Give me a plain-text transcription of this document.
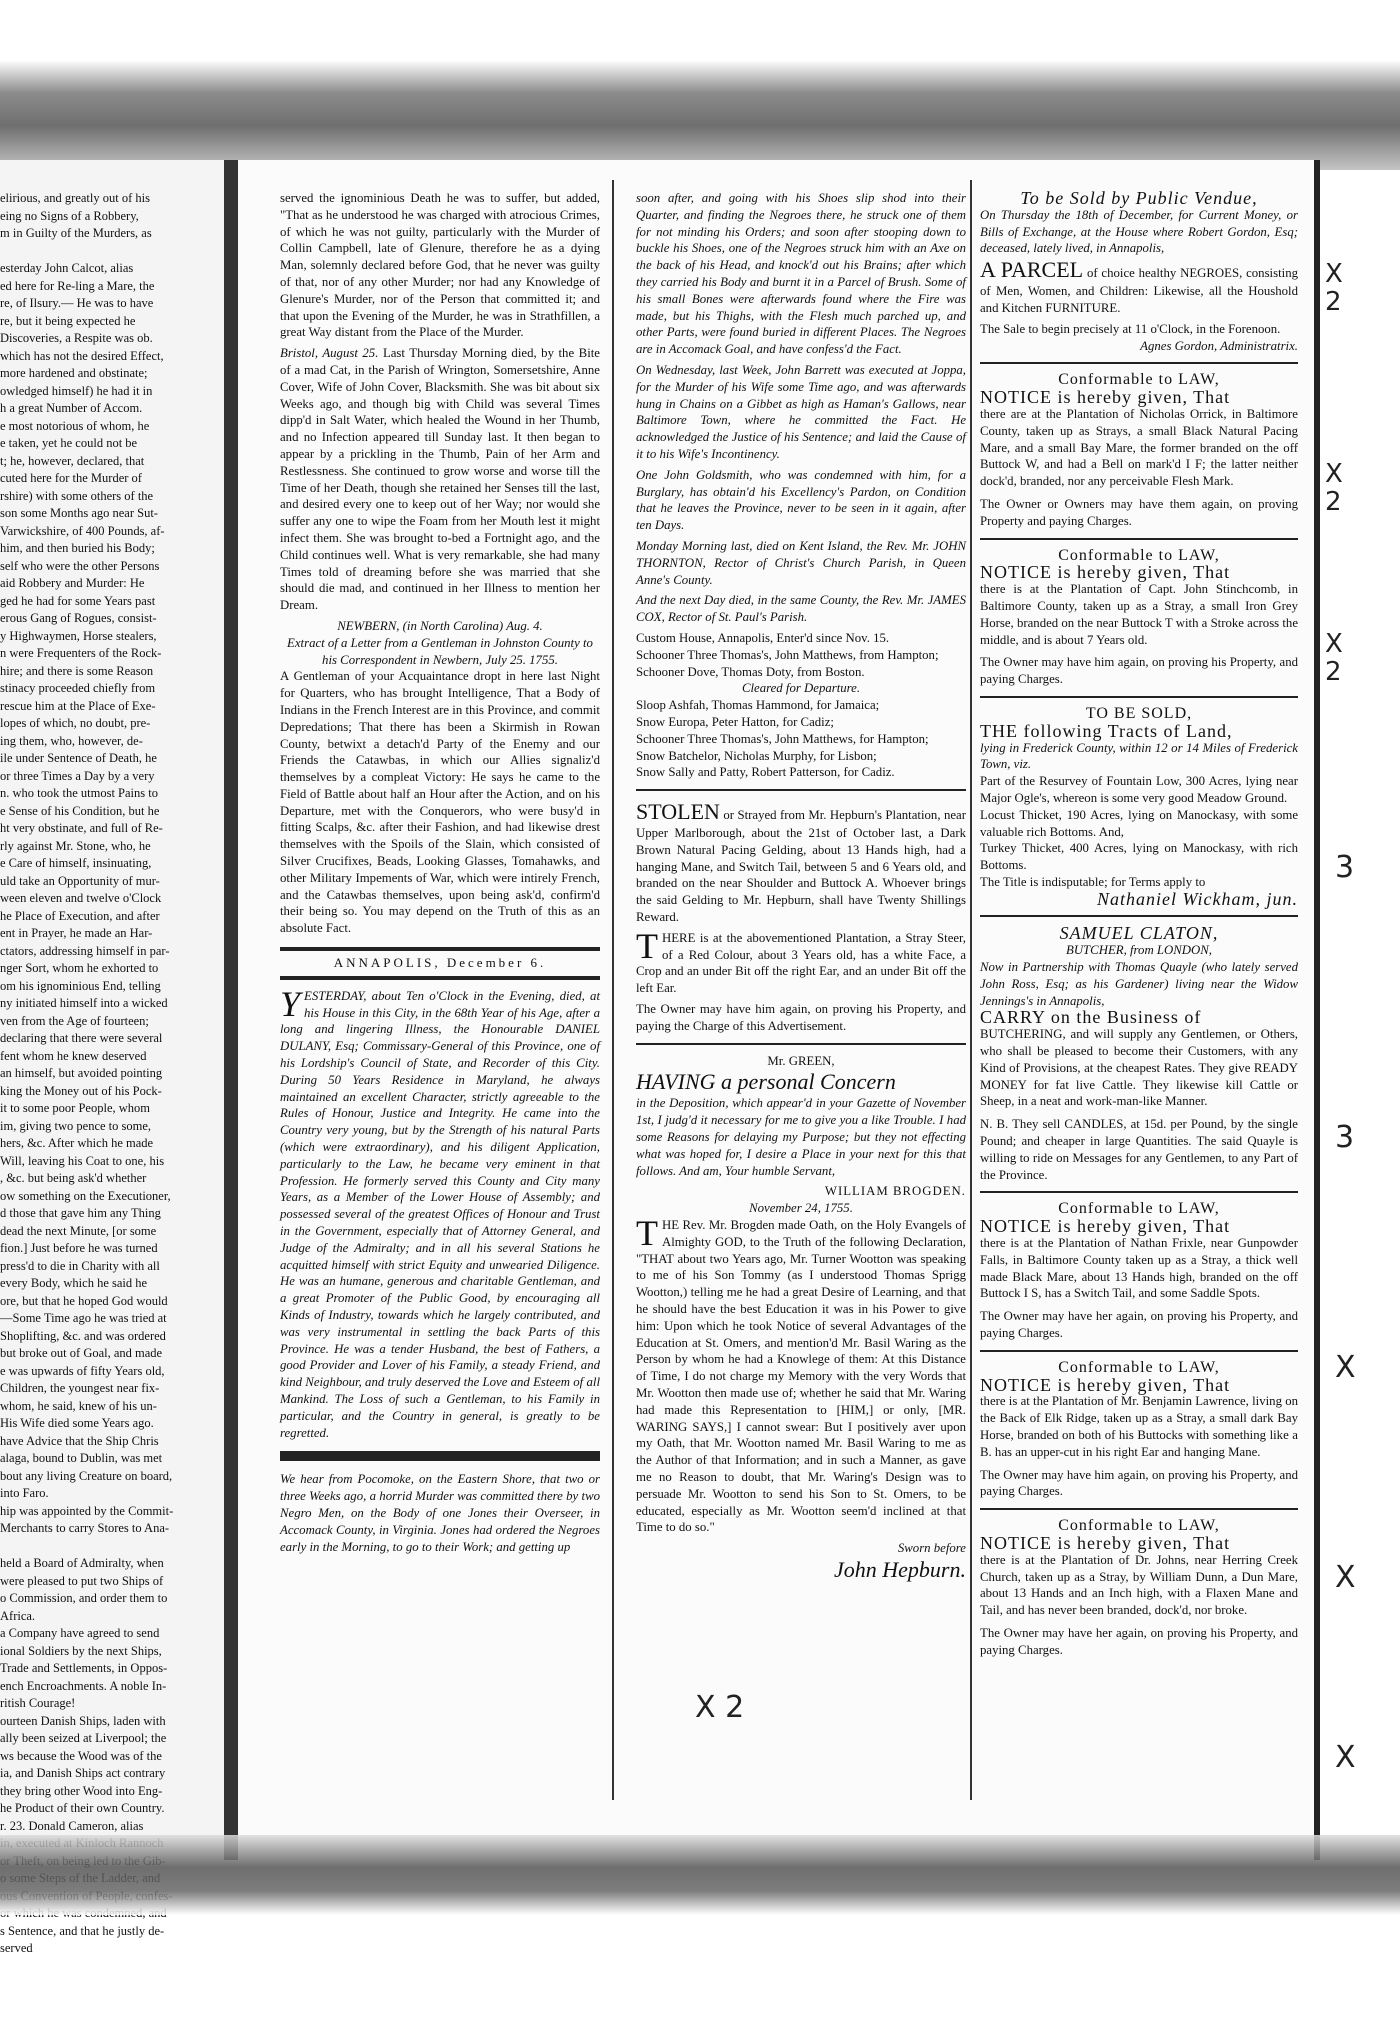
elirious, and greatly out of his
eing no Signs of a Robbery,
m in Guilty of the Murders, as

esterday John Calcot, alias
ed here for Re-ling a Mare, the
re, of Ilsury.— He was to have
re, but it being expected he
Discoveries, a Respite was ob.
which has not the desired Effect,
more hardened and obstinate;
owledged himself) he had it in
h a great Number of Accom.
e most notorious of whom, he
e taken, yet he could not be
t; he, however, declared, that
cuted here for the Murder of
rshire) with some others of the
son some Months ago near Sut-
Varwickshire, of 400 Pounds, af-
him, and then buried his Body;
self who were the other Persons
aid Robbery and Murder: He
ged he had for some Years past
erous Gang of Rogues, consist-
y Highwaymen, Horse stealers,
n were Frequenters of the Rock-
hire; and there is some Reason
stinacy proceeded chiefly from
rescue him at the Place of Exe-
lopes of which, no doubt, pre-
ing them, who, however, de-
ile under Sentence of Death, he
or three Times a Day by a very
n. who took the utmost Pains to
e Sense of his Condition, but he
ht very obstinate, and full of Re-
rly against Mr. Stone, who, he
e Care of himself, insinuating,
uld take an Opportunity of mur-
ween eleven and twelve o'Clock
he Place of Execution, and after
ent in Prayer, he made an Har-
ctators, addressing himself in par-
nger Sort, whom he exhorted to
om his ignominious End, telling
ny initiated himself into a wicked
ven from the Age of fourteen;
declaring that there were several
fent whom he knew deserved
an himself, but avoided pointing
king the Money out of his Pock-
it to some poor People, whom
im, giving two pence to some,
hers, &c. After which he made
Will, leaving his Coat to one, his
, &c. but being ask'd whether
ow something on the Executioner,
d those that gave him any Thing
dead the next Minute, [or some
fion.] Just before he was turned
press'd to die in Charity with all
every Body, which he said he
ore, but that he hoped God would
—Some Time ago he was tried at
Shoplifting, &c. and was ordered
but broke out of Goal, and made
e was upwards of fifty Years old,
Children, the youngest near fix-
whom, he said, knew of his un-
His Wife died some Years ago.
have Advice that the Ship Chris
alaga, bound to Dublin, was met
bout any living Creature on board,
into Faro.
hip was appointed by the Commit-
Merchants to carry Stores to Ana-

held a Board of Admiralty, when
were pleased to put two Ships of
o Commission, and order them to
Africa.
a Company have agreed to send
ional Soldiers by the next Ships,
Trade and Settlements, in Oppos-
ench Encroachments. A noble In-
ritish Courage!
ourteen Danish Ships, laden with
ally been seized at Liverpool; the
ws because the Wood was of the
ia, and Danish Ships act contrary
they bring other Wood into Eng-
he Product of their own Country.
r. 23. Donald Cameron, alias
s Sentence, and that he justly de-
served

served the ignominious Death he was to suffer, but added, "That as he understood he was charged with atrocious Crimes, of which he was not guilty, particularly with the Murder of Collin Campbell, late of Glenure, therefore he as a dying Man, solemnly declared before God, that he never was guilty of that, nor of any other Murder; nor had any Knowledge of Glenure's Murder, nor of the Person that committed it; and that upon the Evening of the Murder, he was in Strathfillen, a great Way distant from the Place of the Murder.

Bristol, August 25. Last Thursday Morning died, by the Bite of a mad Cat, in the Parish of Wrington, Somersetshire, Anne Cover, Wife of John Cover, Blacksmith. She was bit about six Weeks ago, and though big with Child was several Times dipp'd in Salt Water, which healed the Wound in her Thumb, and no Infection appeared till Sunday last. It then began to appear by a prickling in the Thumb, Pain of her Arm and Restlessness. She continued to grow worse and worse till the Time of her Death, though she retained her Senses till the last, and desired every one to keep out of her Way; nor would she suffer any one to wipe the Foam from her Mouth lest it might infect them. She was brought to-bed a Fortnight ago, and the Child continues well. What is very remarkable, she had many Times told of dreaming before she was married that she should die mad, and continued in her Illness to mention her Dream.

NEWBERN, (in North Carolina) Aug. 4.

Extract of a Letter from a Gentleman in Johnston County to his Correspondent in Newbern, July 25. 1755.

A Gentleman of your Acquaintance dropt in here last Night for Quarters, who has brought Intelligence, That a Body of Indians in the French Interest are in this Province, and commit Depredations; That there has been a Skirmish in Rowan County, betwixt a detach'd Party of the Enemy and our Friends the Catawbas, in which our Allies signaliz'd themselves by a compleat Victory: He says he came to the Field of Battle about half an Hour after the Action, and on his Departure, met with the Conquerors, who were busy'd in fitting Scalps, &c. after their Fashion, and had likewise drest themselves with the Spoils of the Slain, which consisted of Silver Crucifixes, Beads, Looking Glasses, Tomahawks, and other Military Impements of War, which were intirely French, and the Catawbas themselves, upon being ask'd, confirm'd their being so. You may depend on the Truth of this as an absolute Fact.

ANNAPOLIS, December 6.

Y ESTERDAY, about Ten o'Clock in the Evening, died, at his House in this City, in the 68th Year of his Age, after a long and lingering Illness, the Honourable DANIEL DULANY, Esq; Commissary-General of this Province, one of his Lordship's Council of State, and Recorder of this City. During 50 Years Residence in Maryland, he always maintained an excellent Character, strictly agreeable to the Rules of Honour, Justice and Integrity. He came into the Country very young, but by the Strength of his natural Parts (which were extraordinary), and his diligent Application, particularly to the Law, he became very eminent in that Profession. He formerly served this County and City many Years, as a Member of the Lower House of Assembly; and possessed several of the greatest Offices of Honour and Trust in the Government, especially that of Attorney General, and Judge of the Admiralty; and in all his several Stations he acquitted himself with strict Equity and unwearied Diligence. He was an humane, generous and charitable Gentleman, and a great Promoter of the Public Good, by encouraging all Kinds of Industry, towards which he largely contributed, and was very instrumental in settling the back Parts of this Province. He was a tender Husband, the best of Fathers, a good Provider and Lover of his Family, a steady Friend, and kind Neighbour, and truly deserved the Love and Esteem of all Mankind. The Loss of such a Gentleman, to his Family in particular, and the Country in general, is greatly to be regretted.

We hear from Pocomoke, on the Eastern Shore, that two or three Weeks ago, a horrid Murder was committed there by two Negro Men, on the Body of one Jones their Overseer, in Accomack County, in Virginia. Jones had ordered the Negroes early in the Morning, to go to their Work; and getting up

soon after, and going with his Shoes slip shod into their Quarter, and finding the Negroes there, he struck one of them for not minding his Orders; and soon after stooping down to buckle his Shoes, one of the Negroes struck him with an Axe on the back of his Head, and knock'd out his Brains; after which they carried his Body and burnt it in a Parcel of Brush. Some of his small Bones were afterwards found where the Fire was made, but his Thighs, with the Flesh much parched up, and other Parts, were found buried in different Places. The Negroes are in Accomack Goal, and have confess'd the Fact.

On Wednesday, last Week, John Barrett was executed at Joppa, for the Murder of his Wife some Time ago, and was afterwards hung in Chains on a Gibbet as high as Haman's Gallows, near Baltimore Town, where he committed the Fact. He acknowledged the Justice of his Sentence; and laid the Cause of it to his Wife's Incontinency.

One John Goldsmith, who was condemned with him, for a Burglary, has obtain'd his Excellency's Pardon, on Condition that he leaves the Province, never to be seen in it again, after ten Days.

Monday Morning last, died on Kent Island, the Rev. Mr. JOHN THORNTON, Rector of Christ's Church Parish, in Queen Anne's County.

And the next Day died, in the same County, the Rev. Mr. JAMES COX, Rector of St. Paul's Parish.

Custom House, Annapolis, Enter'd since Nov. 15.

Schooner Three Thomas's, John Matthews, from Hampton;

Schooner Dove, Thomas Doty, from Boston.

Cleared for Departure.

Sloop Ashfah, Thomas Hammond, for Jamaica;

Snow Europa, Peter Hatton, for Cadiz;

Schooner Three Thomas's, John Matthews, for Hampton;

Snow Batchelor, Nicholas Murphy, for Lisbon;

Snow Sally and Patty, Robert Patterson, for Cadiz.

STOLEN or Strayed from Mr. Hepburn's Plantation, near Upper Marlborough, about the 21st of October last, a Dark Brown Natural Pacing Gelding, about 13 Hands high, had a hanging Mane, and Switch Tail, between 5 and 6 Years old, and branded on the near Shoulder and Buttock A. Whoever brings the said Gelding to Mr. Hepburn, shall have Twenty Shillings Reward.

T HERE is at the abovementioned Plantation, a Stray Steer, of a Red Colour, about 3 Years old, has a white Face, a Crop and an under Bit off the right Ear, and an under Bit off the left Ear.

The Owner may have him again, on proving his Property, and paying the Charge of this Advertisement.

Mr. GREEN,

HAVING a personal Concern

in the Deposition, which appear'd in your Gazette of November 1st, I judg'd it necessary for me to give you a like Trouble. I had some Reasons for delaying my Purpose; but they not effecting what was hoped for, I desire a Place in your next for this that follows. And am, Your humble Servant,

WILLIAM BROGDEN.

November 24, 1755.

T HE Rev. Mr. Brogden made Oath, on the Holy Evangels of Almighty GOD, to the Truth of the following Declaration, "THAT about two Years ago, Mr. Turner Wootton was speaking to me of his Son Tommy (as I understood Thomas Sprigg Wootton,) telling me he had a great Desire of Learning, and that he should have the best Education it was in his Power to give him: Upon which he took Notice of several Advantages of the Education at St. Omers, and mention'd Mr. Basil Waring as the Person by whom he had a Knowlege of them: At this Distance of Time, I do not charge my Memory with the very Words that Mr. Wootton then made use of; whether he said that Mr. Waring had made this Representation to [HIM,] or only, [MR. WARING SAYS,] I cannot swear: But I positively aver upon my Oath, that Mr. Wootton named Mr. Basil Waring to me as the Author of that Information; and in such a Manner, as gave me no Reason to doubt, that Mr. Waring's Design was to persuade Mr. Wootton to send his Son to St. Omers, to be educated, especially as Mr. Wootton seem'd inclined at that Time to do so."

Sworn before

John Hepburn.

To be Sold by Public Vendue,

On Thursday the 18th of December, for Current Money, or Bills of Exchange, at the House where Robert Gordon, Esq; deceased, lately lived, in Annapolis,

A PARCEL of choice healthy NEGROES, consisting of Men, Women, and Children: Likewise, all the Houshold and Kitchen FURNITURE.

The Sale to begin precisely at 11 o'Clock, in the Forenoon.

Agnes Gordon, Administratrix.

Conformable to LAW,

NOTICE is hereby given, That

there are at the Plantation of Nicholas Orrick, in Baltimore County, taken up as Strays, a small Black Natural Pacing Mare, and a small Bay Mare, the former branded on the off Buttock W, and had a Bell on mark'd I F; the latter neither dock'd, branded, nor any perceivable Flesh Mark.

The Owner or Owners may have them again, on proving Property and paying Charges.

Conformable to LAW,

NOTICE is hereby given, That

there is at the Plantation of Capt. John Stinchcomb, in Baltimore County, taken up as a Stray, a small Iron Grey Horse, branded on the near Buttock T with a Stroke across the middle, and is about 7 Years old.

The Owner may have him again, on proving his Property, and paying Charges.

TO BE SOLD,

THE following Tracts of Land,

lying in Frederick County, within 12 or 14 Miles of Frederick Town, viz.

Part of the Resurvey of Fountain Low, 300 Acres, lying near Major Ogle's, whereon is some very good Meadow Ground.

Locust Thicket, 190 Acres, lying on Manockasy, with some valuable rich Bottoms. And,

Turkey Thicket, 400 Acres, lying on Manockasy, with rich Bottoms.

The Title is indisputable; for Terms apply to

Nathaniel Wickham, jun.

SAMUEL CLATON,

BUTCHER, from LONDON,

Now in Partnership with Thomas Quayle (who lately served John Ross, Esq; as his Gardener) living near the Widow Jennings's in Annapolis,

CARRY on the Business of

BUTCHERING, and will supply any Gentlemen, or Others, who shall be pleased to become their Customers, with any Kind of Provisions, at the cheapest Rates. They give READY MONEY for fat live Cattle. They likewise kill Cattle or Sheep, in a neat and work-man-like Manner.

N. B. They sell CANDLES, at 15d. per Pound, by the single Pound; and cheaper in large Quantities. The said Quayle is willing to ride on Messages for any Gentlemen, to any Part of the Province.

Conformable to LAW,

NOTICE is hereby given, That

there is at the Plantation of Nathan Frixle, near Gunpowder Falls, in Baltimore County taken up as a Stray, a thick well made Black Mare, about 13 Hands high, branded on the off Buttock I S, has a Switch Tail, and some Saddle Spots.

The Owner may have her again, on proving his Property, and paying Charges.

Conformable to LAW,

NOTICE is hereby given, That

there is at the Plantation of Mr. Benjamin Lawrence, living on the Back of Elk Ridge, taken up as a Stray, a small dark Bay Horse, branded on both of his Buttocks with something like a B. has an upper-cut in his right Ear and hanging Mane.

The Owner may have him again, on proving his Property, and paying Charges.

Conformable to LAW,

NOTICE is hereby given, That

there is at the Plantation of Dr. Johns, near Herring Creek Church, taken up as a Stray, by William Dunn, a Dun Mare, about 13 Hands and an Inch high, with a Flaxen Mane and Tail, and has never been branded, dock'd, nor broke.

The Owner may have her again, on proving his Property, and paying Charges.

X 2
X 2
X 2
3
3
X
X
X
X 2
